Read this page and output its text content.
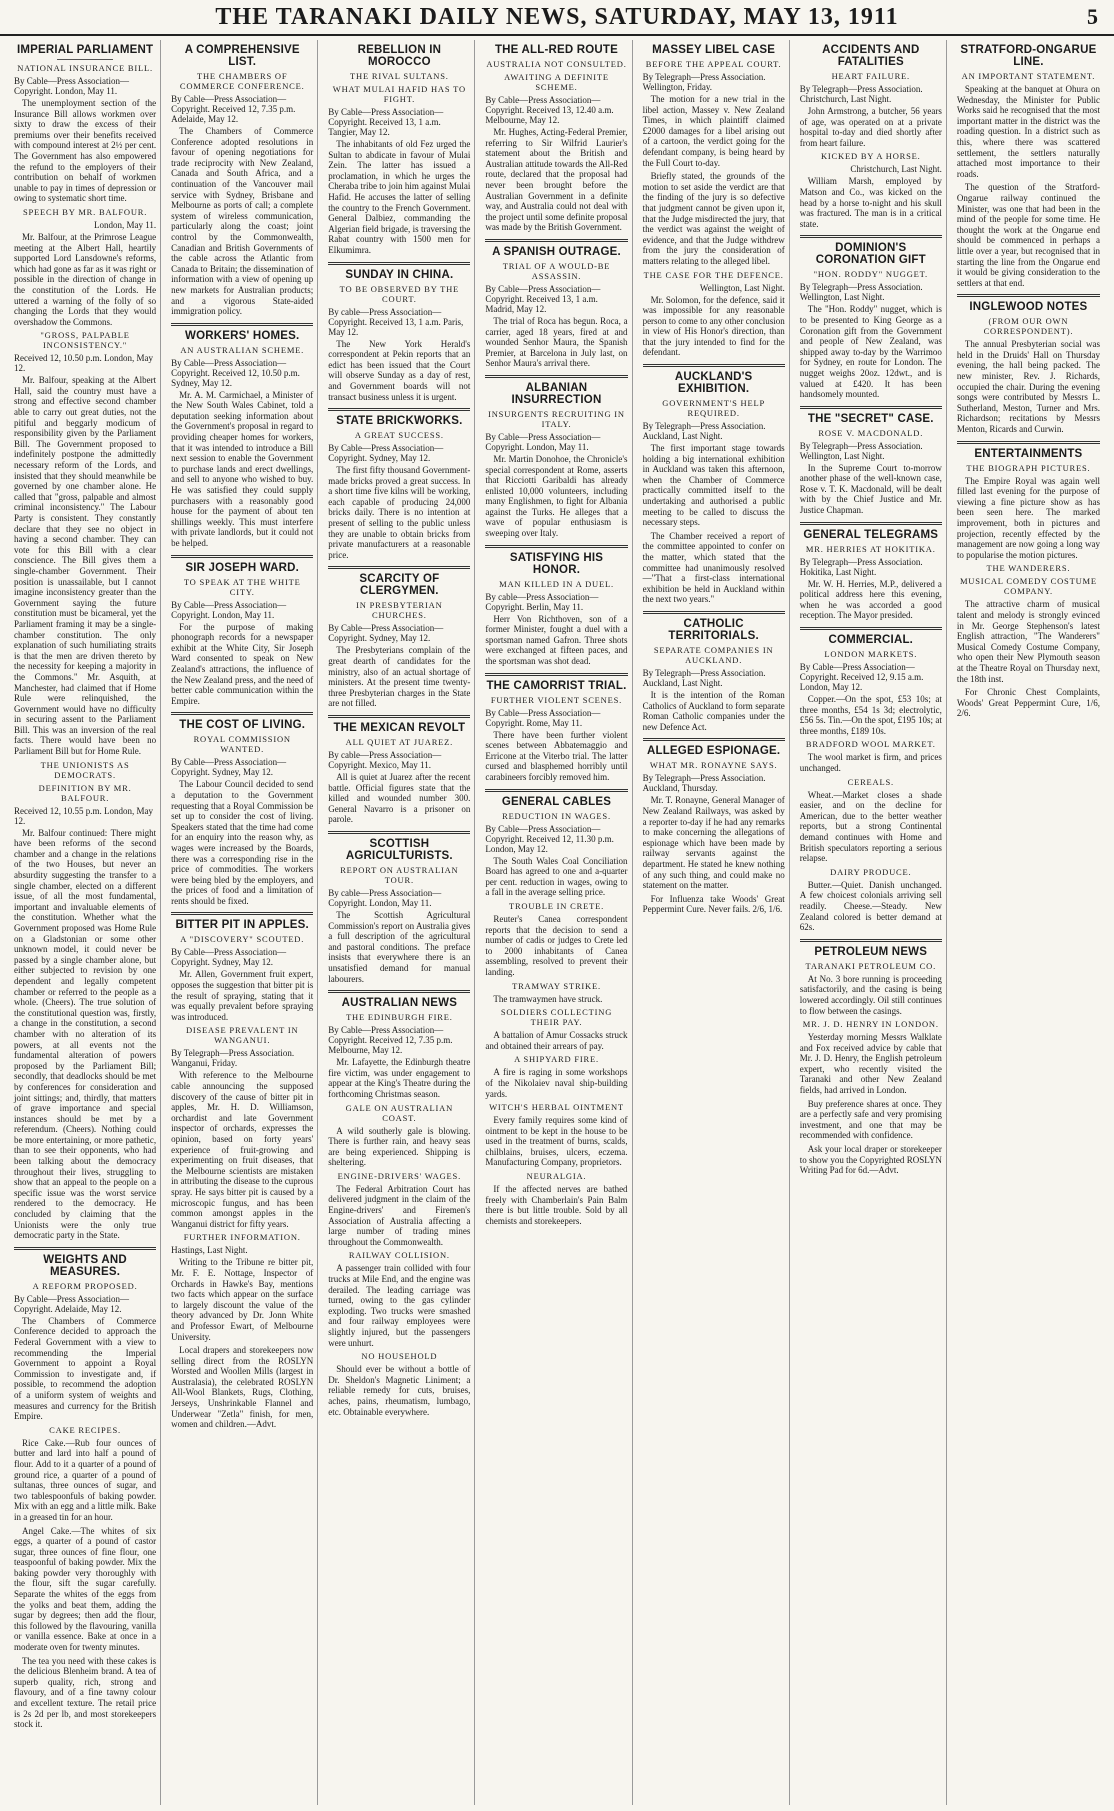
THE TARANAKI DAILY NEWS, SATURDAY, MAY 13, 1911	5
IMPERIAL PARLIAMENT
NATIONAL INSURANCE BILL.
By Cable—Press Association—Copyright. London, May 11.

The unemployment section of the Insurance Bill allows workmen over sixty to draw the excess of their premiums over their benefits received with compound interest at 2½ per cent. The Government has also empowered the refund to the employers of their contribution on behalf of workmen unable to pay in times of depression or owing to systematic short time.

SPEECH BY MR. BALFOUR.
London, May 11.

Mr. Balfour, at the Primrose League meeting at the Albert Hall, heartily supported Lord Lansdowne's reforms, which had gone as far as it was right or possible in the direction of change in the constitution of the Lords. He uttered a warning of the folly of so changing the Lords that they would overshadow the Commons.

"GROSS, PALPABLE INCONSISTENCY."
Received 12, 10.50 p.m. London, May 12.

Mr. Balfour, speaking at the Albert Hall, said the country must have a strong and effective second chamber able to carry out great duties, not the pitiful and beggarly modicum of responsibility given by the Parliament Bill. The Government proposed to indefinitely postpone the admittedly necessary reform of the Lords, and insisted that they should meanwhile be governed by one chamber alone. He called that "gross, palpable and almost criminal inconsistency." The Labour Party is consistent. They constantly declare that they see no object in having a second chamber. They can vote for this Bill with a clear conscience. The Bill gives them a single-chamber Government. Their position is unassailable, but I cannot imagine inconsistency greater than the Government saying the future constitution must be bicameral, yet the Parliament framing it may be a single-chamber constitution. The only explanation of such humiliating straits is that the men are driven thereto by the necessity for keeping a majority in the Commons." Mr. Asquith, at Manchester, had claimed that if Home Rule were relinquished, the Government would have no difficulty in securing assent to the Parliament Bill. This was an inversion of the real facts. There would have been no Parliament Bill but for Home Rule.

THE UNIONISTS AS DEMOCRATS.
DEFINITION BY MR. BALFOUR.
Received 12, 10.55 p.m. London, May 12.

Mr. Balfour continued: There might have been reforms of the second chamber and a change in the relations of the two Houses, but never an absurdity suggesting the transfer to a single chamber, elected on a different issue, of all the most fundamental, important and invaluable elements of the constitution. Whether what the Government proposed was Home Rule on a Gladstonian or some other unknown model, it could never be passed by a single chamber alone, but either subjected to revision by one dependent and legally competent chamber or referred to the people as a whole. (Cheers). The true solution of the constitutional question was, firstly, a change in the constitution, a second chamber with no alteration of its powers, at all events not the fundamental alteration of powers proposed by the Parliament Bill; secondly, that deadlocks should be met by conferences for consideration and joint sittings; and, thirdly, that matters of grave importance and special instances should be met by a referendum. (Cheers). Nothing could be more entertaining, or more pathetic, than to see their opponents, who had been talking about the democracy throughout their lives, struggling to show that an appeal to the people on a specific issue was the worst service rendered to the democracy. He concluded by claiming that the Unionists were the only true democratic party in the State.

WEIGHTS AND MEASURES.
A REFORM PROPOSED.
By Cable—Press Association—Copyright. Adelaide, May 12.

The Chambers of Commerce Conference decided to approach the Federal Government with a view to recommending the Imperial Government to appoint a Royal Commission to investigate and, if possible, to recommend the adoption of a uniform system of weights and measures and currency for the British Empire.

CAKE RECIPES.

Rice Cake.—Rub four ounces of butter and lard into half a pound of flour. Add to it a quarter of a pound of ground rice, a quarter of a pound of sultanas, three ounces of sugar, and two tablespoonfuls of baking powder. Mix with an egg and a little milk. Bake in a greased tin for an hour.

Angel Cake.—The whites of six eggs, a quarter of a pound of castor sugar, three ounces of fine flour, one teaspoonful of baking powder. Mix the baking powder very thoroughly with the flour, sift the sugar carefully. Separate the whites of the eggs from the yolks and beat them, adding the sugar by degrees; then add the flour, this followed by the flavouring, vanilla or vanilla essence. Bake at once in a moderate oven for twenty minutes.

The tea you need with these cakes is the delicious Blenheim brand. A tea of superb quality, rich, strong and flavoury, and of a fine tawny colour and excellent texture. The retail price is 2s 2d per lb, and most storekeepers stock it.

A COMPREHENSIVE LIST.
THE CHAMBERS OF COMMERCE CONFERENCE.
By Cable—Press Association—Copyright. Received 12, 7.35 p.m. Adelaide, May 12.

The Chambers of Commerce Conference adopted resolutions in favour of opening negotiations for trade reciprocity with New Zealand, Canada and South Africa, and a continuation of the Vancouver mail service with Sydney, Brisbane and Melbourne as ports of call; a complete system of wireless communication, particularly along the coast; joint control by the Commonwealth, Canadian and British Governments of the cable across the Atlantic from Canada to Britain; the dissemination of information with a view of opening up new markets for Australian products; and a vigorous State-aided immigration policy.

WORKERS' HOMES.
AN AUSTRALIAN SCHEME.
By Cable—Press Association—Copyright. Received 12, 10.50 p.m. Sydney, May 12.

Mr. A. M. Carmichael, a Minister of the New South Wales Cabinet, told a deputation seeking information about the Government's proposal in regard to providing cheaper homes for workers, that it was intended to introduce a Bill next session to enable the Government to purchase lands and erect dwellings, and sell to anyone who wished to buy. He was satisfied they could supply purchasers with a reasonably good house for the payment of about ten shillings weekly. This must interfere with private landlords, but it could not be helped.

SIR JOSEPH WARD.
TO SPEAK AT THE WHITE CITY.
By Cable—Press Association—Copyright. London, May 11.

For the purpose of making phonograph records for a newspaper exhibit at the White City, Sir Joseph Ward consented to speak on New Zealand's attractions, the influence of the New Zealand press, and the need of better cable communication within the Empire.

THE COST OF LIVING.
ROYAL COMMISSION WANTED.
By Cable—Press Association—Copyright. Sydney, May 12.

The Labour Council decided to send a deputation to the Government requesting that a Royal Commission be set up to consider the cost of living. Speakers stated that the time had come for an enquiry into the reason why, as wages were increased by the Boards, there was a corresponding rise in the price of commodities. The workers were being bled by the employers, and the prices of food and a limitation of rents should be fixed.

BITTER PIT IN APPLES.
A "DISCOVERY" SCOUTED.
By Cable—Press Association—Copyright. Sydney, May 12.

Mr. Allen, Government fruit expert, opposes the suggestion that bitter pit is the result of spraying, stating that it was equally prevalent before spraying was introduced.

DISEASE PREVALENT IN WANGANUI.
By Telegraph—Press Association. Wanganui, Friday.

With reference to the Melbourne cable announcing the supposed discovery of the cause of bitter pit in apples, Mr. H. D. Williamson, orchardist and late Government inspector of orchards, expresses the opinion, based on forty years' experience of fruit-growing and experimenting on fruit diseases, that the Melbourne scientists are mistaken in attributing the disease to the cuprous spray. He says bitter pit is caused by a microscopic fungus, and has been common amongst apples in the Wanganui district for fifty years.

FURTHER INFORMATION.
Hastings, Last Night.

Writing to the Tribune re bitter pit, Mr. F. E. Nottage, Inspector of Orchards in Hawke's Bay, mentions two facts which appear on the surface to largely discount the value of the theory advanced by Dr. Jonn White and Professor Ewart, of Melbourne University.

Local drapers and storekeepers now selling direct from the ROSLYN Worsted and Woollen Mills (largest in Australasia), the celebrated ROSLYN All-Wool Blankets, Rugs, Clothing, Jerseys, Unshrinkable Flannel and Underwear "Zetla" finish, for men, women and children.—Advt.

REBELLION IN MOROCCO
THE RIVAL SULTANS.
WHAT MULAI HAFID HAS TO FIGHT.
By Cable—Press Association—Copyright. Received 13, 1 a.m. Tangier, May 12.

The inhabitants of old Fez urged the Sultan to abdicate in favour of Mulai Zein. The latter has issued a proclamation, in which he urges the Cheraba tribe to join him against Mulai Hafid. He accuses the latter of selling the country to the French Government. General Dalbiez, commanding the Algerian field brigade, is traversing the Rabat country with 1500 men for Elkumimra.

SUNDAY IN CHINA.
TO BE OBSERVED BY THE COURT.
By cable—Press Association—Copyright. Received 13, 1 a.m. Paris, May 12.

The New York Herald's correspondent at Pekin reports that an edict has been issued that the Court will observe Sunday as a day of rest, and Government boards will not transact business unless it is urgent.

STATE BRICKWORKS.
A GREAT SUCCESS.
By Cable—Press Association—Copyright. Sydney, May 12.

The first fifty thousand Government-made bricks proved a great success. In a short time five kilns will be working, each capable of producing 24,000 bricks daily. There is no intention at present of selling to the public unless they are unable to obtain bricks from private manufacturers at a reasonable price.

SCARCITY OF CLERGYMEN.
IN PRESBYTERIAN CHURCHES.
By Cable—Press Association—Copyright. Sydney, May 12.

The Presbyterians complain of the great dearth of candidates for the ministry, also of an actual shortage of ministers. At the present time twenty-three Presbyterian charges in the State are not filled.

THE MEXICAN REVOLT
ALL QUIET AT JUAREZ.
By cable—Press Association—Copyright. Mexico, May 11.

All is quiet at Juarez after the recent battle. Official figures state that the killed and wounded number 300. General Navarro is a prisoner on parole.

SCOTTISH AGRICULTURISTS.
REPORT ON AUSTRALIAN TOUR.
By cable—Press Association—Copyright. London, May 11.

The Scottish Agricultural Commission's report on Australia gives a full description of the agricultural and pastoral conditions. The preface insists that everywhere there is an unsatisfied demand for manual labourers.

AUSTRALIAN NEWS
THE EDINBURGH FIRE.
By Cable—Press Association—Copyright. Received 12, 7.35 p.m. Melbourne, May 12.

Mr. Lafayette, the Edinburgh theatre fire victim, was under engagement to appear at the King's Theatre during the forthcoming Christmas season.

GALE ON AUSTRALIAN COAST.

A wild southerly gale is blowing. There is further rain, and heavy seas are being experienced. Shipping is sheltering.

ENGINE-DRIVERS' WAGES.

The Federal Arbitration Court has delivered judgment in the claim of the Engine-drivers' and Firemen's Association of Australia affecting a large number of trading mines throughout the Commonwealth.

RAILWAY COLLISION.

A passenger train collided with four trucks at Mile End, and the engine was derailed. The leading carriage was turned, owing to the gas cylinder exploding. Two trucks were smashed and four railway employees were slightly injured, but the passengers were unhurt.

NO HOUSEHOLD

Should ever be without a bottle of Dr. Sheldon's Magnetic Liniment; a reliable remedy for cuts, bruises, aches, pains, rheumatism, lumbago, etc. Obtainable everywhere.

THE ALL-RED ROUTE
AUSTRALIA NOT CONSULTED.
AWAITING A DEFINITE SCHEME.
By Cable—Press Association—Copyright. Received 13, 12.40 a.m. Melbourne, May 12.

Mr. Hughes, Acting-Federal Premier, referring to Sir Wilfrid Laurier's statement about the British and Australian attitude towards the All-Red route, declared that the proposal had never been brought before the Australian Government in a definite way, and Australia could not deal with the project until some definite proposal was made by the British Government.

A SPANISH OUTRAGE.
TRIAL OF A WOULD-BE ASSASSIN.
By Cable—Press Association—Copyright. Received 13, 1 a.m. Madrid, May 12.

The trial of Roca has begun. Roca, a carrier, aged 18 years, fired at and wounded Senhor Maura, the Spanish Premier, at Barcelona in July last, on Senhor Maura's arrival there.

ALBANIAN INSURRECTION
INSURGENTS RECRUITING IN ITALY.
By Cable—Press Association—Copyright. London, May 11.

Mr. Martin Donohoe, the Chronicle's special correspondent at Rome, asserts that Ricciotti Garibaldi has already enlisted 10,000 volunteers, including many Englishmen, to fight for Albania against the Turks. He alleges that a wave of popular enthusiasm is sweeping over Italy.

SATISFYING HIS HONOR.
MAN KILLED IN A DUEL.
By cable—Press Association—Copyright. Berlin, May 11.

Herr Von Richthoven, son of a former Minister, fought a duel with a sportsman named Gafron. Three shots were exchanged at fifteen paces, and the sportsman was shot dead.

THE CAMORRIST TRIAL.
FURTHER VIOLENT SCENES.
By Cable—Press Association—Copyright. Rome, May 11.

There have been further violent scenes between Abbatemaggio and Erricone at the Viterbo trial. The latter cursed and blasphemed horribly until carabineers forcibly removed him.

GENERAL CABLES
REDUCTION IN WAGES.
By Cable—Press Association—Copyright. Received 12, 11.30 p.m. London, May 12.

The South Wales Coal Conciliation Board has agreed to one and a-quarter per cent. reduction in wages, owing to a fall in the average selling price.

TROUBLE IN CRETE.

Reuter's Canea correspondent reports that the decision to send a number of cadis or judges to Crete led to 2000 inhabitants of Canea assembling, resolved to prevent their landing.

TRAMWAY STRIKE.

The tramwaymen have struck.

SOLDIERS COLLECTING THEIR PAY.

A battalion of Amur Cossacks struck and obtained their arrears of pay.

A SHIPYARD FIRE.

A fire is raging in some workshops of the Nikolaiev naval ship-building yards.

WITCH'S HERBAL OINTMENT

Every family requires some kind of ointment to be kept in the house to be used in the treatment of burns, scalds, chilblains, bruises, ulcers, eczema. Manufacturing Company, proprietors.

NEURALGIA.

If the affected nerves are bathed freely with Chamberlain's Pain Balm there is but little trouble. Sold by all chemists and storekeepers.

MASSEY LIBEL CASE
BEFORE THE APPEAL COURT.
By Telegraph—Press Association. Wellington, Friday.

The motion for a new trial in the libel action, Massey v. New Zealand Times, in which plaintiff claimed £2000 damages for a libel arising out of a cartoon, the verdict going for the defendant company, is being heard by the Full Court to-day.

Briefly stated, the grounds of the motion to set aside the verdict are that the finding of the jury is so defective that judgment cannot be given upon it, that the Judge misdirected the jury, that the verdict was against the weight of evidence, and that the Judge withdrew from the jury the consideration of matters relating to the alleged libel.

THE CASE FOR THE DEFENCE.
Wellington, Last Night.

Mr. Solomon, for the defence, said it was impossible for any reasonable person to come to any other conclusion in view of His Honor's direction, than that the jury intended to find for the defendant.

AUCKLAND'S EXHIBITION.
GOVERNMENT'S HELP REQUIRED.
By Telegraph—Press Association. Auckland, Last Night.

The first important stage towards holding a big international exhibition in Auckland was taken this afternoon, when the Chamber of Commerce practically committed itself to the undertaking and authorised a public meeting to be called to discuss the necessary steps.

The Chamber received a report of the committee appointed to confer on the matter, which stated that the committee had unanimously resolved—"That a first-class international exhibition be held in Auckland within the next two years."

CATHOLIC TERRITORIALS.
SEPARATE COMPANIES IN AUCKLAND.
By Telegraph—Press Association. Auckland, Last Night.

It is the intention of the Roman Catholics of Auckland to form separate Roman Catholic companies under the new Defence Act.

ALLEGED ESPIONAGE.
WHAT MR. RONAYNE SAYS.
By Telegraph—Press Association. Auckland, Thursday.

Mr. T. Ronayne, General Manager of New Zealand Railways, was asked by a reporter to-day if he had any remarks to make concerning the allegations of espionage which have been made by railway servants against the department. He stated he knew nothing of any such thing, and could make no statement on the matter.

For Influenza take Woods' Great Peppermint Cure. Never fails. 2/6, 1/6.

ACCIDENTS AND FATALITIES
HEART FAILURE.
By Telegraph—Press Association. Christchurch, Last Night.

John Armstrong, a butcher, 56 years of age, was operated on at a private hospital to-day and died shortly after from heart failure.

KICKED BY A HORSE.
Christchurch, Last Night.

William Marsh, employed by Matson and Co., was kicked on the head by a horse to-night and his skull was fractured. The man is in a critical state.

DOMINION'S CORONATION GIFT
"HON. RODDY" NUGGET.
By Telegraph—Press Association. Wellington, Last Night.

The "Hon. Roddy" nugget, which is to be presented to King George as a Coronation gift from the Government and people of New Zealand, was shipped away to-day by the Warrimoo for Sydney, en route for London. The nugget weighs 20oz. 12dwt., and is valued at £420. It has been handsomely mounted.

THE "SECRET" CASE.
ROSE V. MACDONALD.
By Telegraph—Press Association. Wellington, Last Night.

In the Supreme Court to-morrow another phase of the well-known case, Rose v. T. K. Macdonald, will be dealt with by the Chief Justice and Mr. Justice Chapman.

GENERAL TELEGRAMS
MR. HERRIES AT HOKITIKA.
By Telegraph—Press Association. Hokitika, Last Night.

Mr. W. H. Herries, M.P., delivered a political address here this evening, when he was accorded a good reception. The Mayor presided.

COMMERCIAL.
LONDON MARKETS.
By Cable—Press Association—Copyright. Received 12, 9.15 a.m. London, May 12.

Copper.—On the spot, £53 10s; at three months, £54 1s 3d; electrolytic, £56 5s. Tin.—On the spot, £195 10s; at three months, £189 10s.

BRADFORD WOOL MARKET.

The wool market is firm, and prices unchanged.

CEREALS.

Wheat.—Market closes a shade easier, and on the decline for American, due to the better weather reports, but a strong Continental demand continues with Home and British speculators reporting a serious relapse.

DAIRY PRODUCE.

Butter.—Quiet. Danish unchanged. A few choicest colonials arriving sell readily. Cheese.—Steady. New Zealand colored is better demand at 62s.

PETROLEUM NEWS
TARANAKI PETROLEUM CO.

At No. 3 bore running is proceeding satisfactorily, and the casing is being lowered accordingly. Oil still continues to flow between the casings.

MR. J. D. HENRY IN LONDON.

Yesterday morning Messrs Walklate and Fox received advice by cable that Mr. J. D. Henry, the English petroleum expert, who recently visited the Taranaki and other New Zealand fields, had arrived in London.

Buy preference shares at once. They are a perfectly safe and very promising investment, and one that may be recommended with confidence.

Ask your local draper or storekeeper to show you the Copyrighted ROSLYN Writing Pad for 6d.—Advt.

STRATFORD-ONGARUE LINE.
AN IMPORTANT STATEMENT.

Speaking at the banquet at Ohura on Wednesday, the Minister for Public Works said he recognised that the most important matter in the district was the roading question. In a district such as this, where there was scattered settlement, the settlers naturally attached most importance to their roads.

The question of the Stratford-Ongarue railway continued the Minister, was one that had been in the mind of the people for some time. He thought the work at the Ongarue end should be commenced in perhaps a little over a year, but recognised that in starting the line from the Ongarue end it would be giving consideration to the settlers at that end.

INGLEWOOD NOTES
(FROM OUR OWN CORRESPONDENT).

The annual Presbyterian social was held in the Druids' Hall on Thursday evening, the hall being packed. The new minister, Rev. J. Richards, occupied the chair. During the evening songs were contributed by Messrs L. Sutherland, Meston, Turner and Mrs. Richardson; recitations by Messrs Menton, Ricards and Curwin.

ENTERTAINMENTS
THE BIOGRAPH PICTURES.

The Empire Royal was again well filled last evening for the purpose of viewing a fine picture show as has been seen here. The marked improvement, both in pictures and projection, recently effected by the management are now going a long way to popularise the motion pictures.

THE WANDERERS.
MUSICAL COMEDY COSTUME COMPANY.

The attractive charm of musical talent and melody is strongly evinced in Mr. George Stephenson's latest English attraction, "The Wanderers" Musical Comedy Costume Company, who open their New Plymouth season at the Theatre Royal on Thursday next, the 18th inst.

For Chronic Chest Complaints, Woods' Great Peppermint Cure, 1/6, 2/6.
